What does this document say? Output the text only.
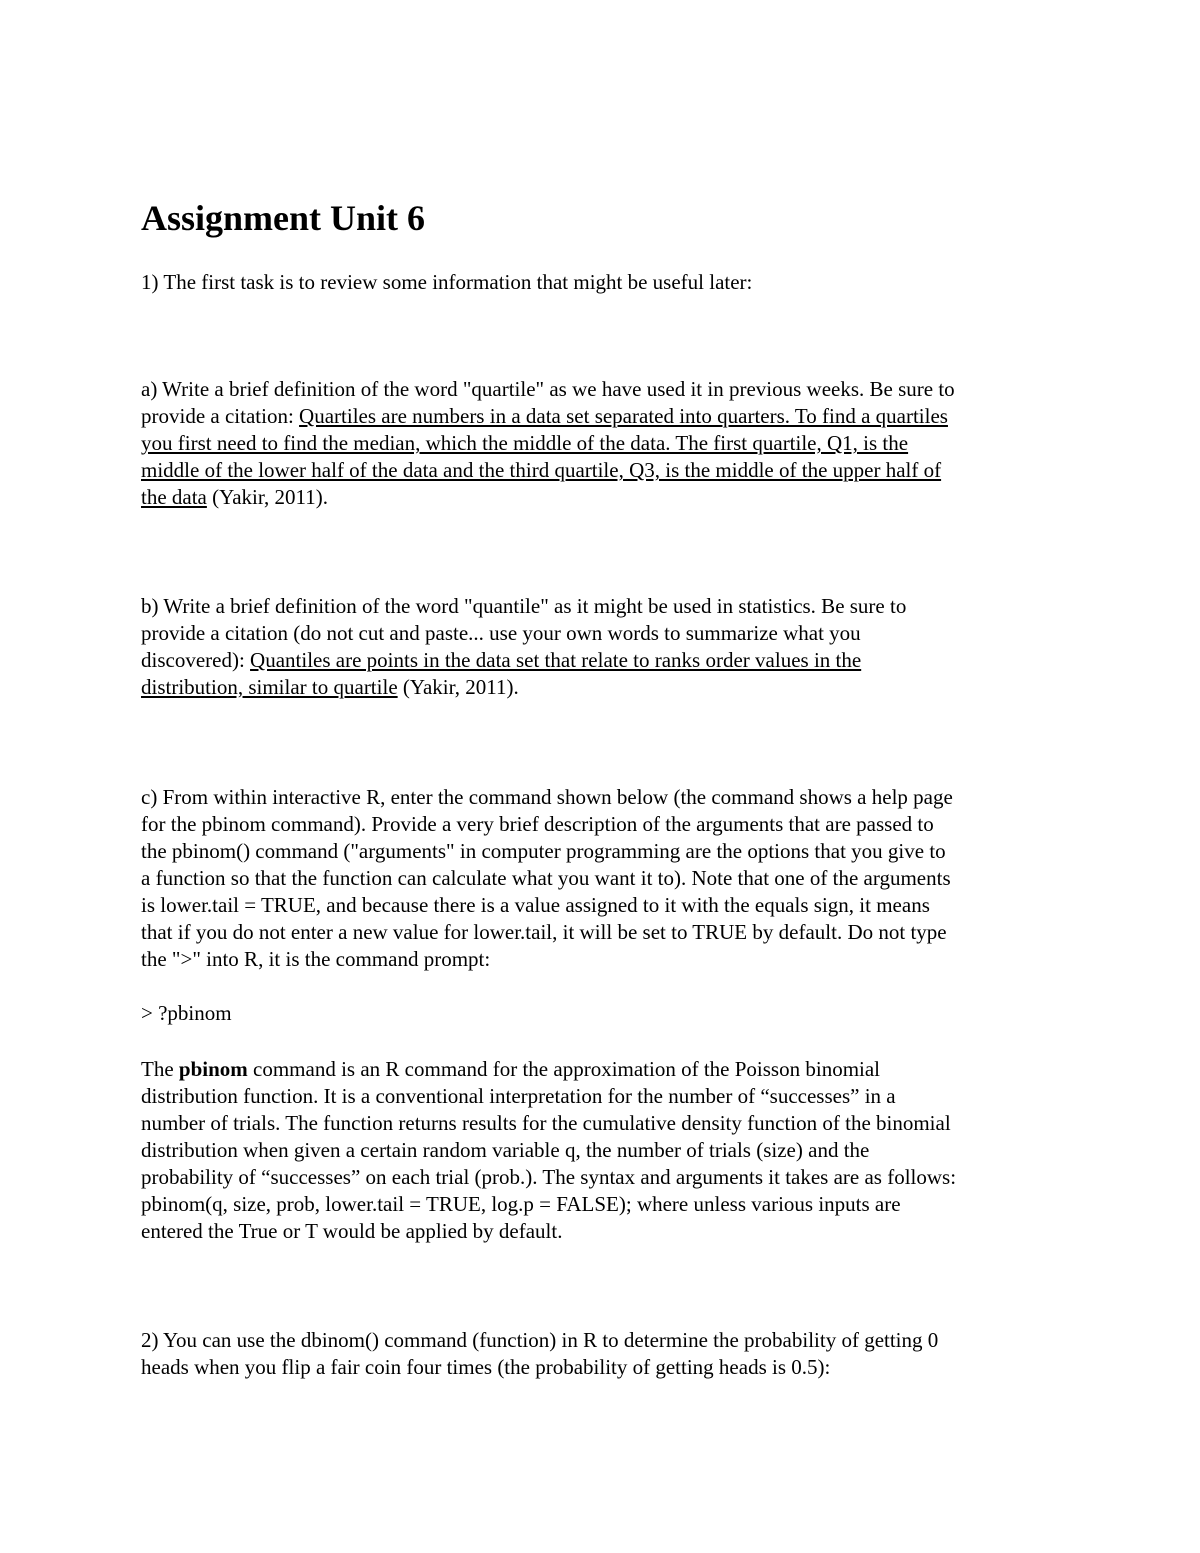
Assignment Unit 6
1) The first task is to review some information that might be useful later:
a) Write a brief definition of the word "quartile" as we have used it in previous weeks. Be sure to
provide a citation: Quartiles are numbers in a data set separated into quarters. To find a quartiles
you first need to find the median, which the middle of the data. The first quartile, Q1, is the
middle of the lower half of the data and the third quartile, Q3, is the middle of the upper half of
the data (Yakir, 2011).
b) Write a brief definition of the word "quantile" as it might be used in statistics. Be sure to
provide a citation (do not cut and paste... use your own words to summarize what you
discovered): Quantiles are points in the data set that relate to ranks order values in the
distribution, similar to quartile (Yakir, 2011).
c) From within interactive R, enter the command shown below (the command shows a help page
for the pbinom command). Provide a very brief description of the arguments that are passed to
the pbinom() command ("arguments" in computer programming are the options that you give to
a function so that the function can calculate what you want it to). Note that one of the arguments
is lower.tail = TRUE, and because there is a value assigned to it with the equals sign, it means
that if you do not enter a new value for lower.tail, it will be set to TRUE by default. Do not type
the ">" into R, it is the command prompt:
> ?pbinom
The pbinom command is an R command for the approximation of the Poisson binomial
distribution function. It is a conventional interpretation for the number of “successes” in a
number of trials. The function returns results for the cumulative density function of the binomial
distribution when given a certain random variable q, the number of trials (size) and the
probability of “successes” on each trial (prob.). The syntax and arguments it takes are as follows:
pbinom(q, size, prob, lower.tail = TRUE, log.p = FALSE); where unless various inputs are
entered the True or T would be applied by default.
2) You can use the dbinom() command (function) in R to determine the probability of getting 0
heads when you flip a fair coin four times (the probability of getting heads is 0.5):
